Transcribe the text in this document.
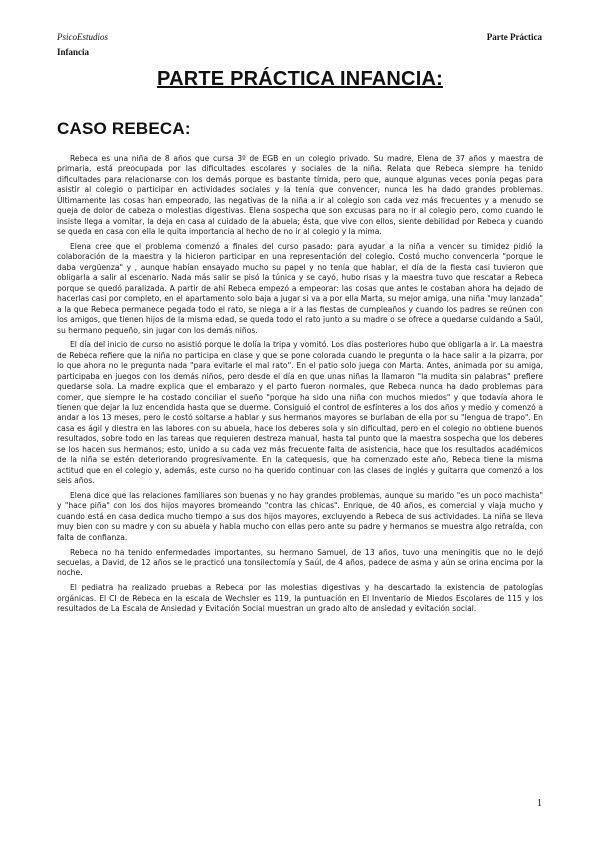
PsicoEstudios
Infancia
Parte Práctica
PARTE PRÁCTICA INFANCIA:
CASO REBECA:

Rebeca es una niña de 8 años que cursa 3º de EGB en un colegio privado. Su madre, Elena de 37 años y maestra de primaria, está preocupada por las dificultades escolares y sociales de la niña. Relata que Rebeca siempre ha tenido dificultades para relacionarse con los demás porque es bastante tímida, pero que, aunque algunas veces ponía pegas para asistir al colegio o participar en actividades sociales y la tenía que convencer, nunca les ha dado grandes problemas. Últimamente las cosas han empeorado, las negativas de la niña a ir al colegio son cada vez más frecuentes y a menudo se queja de dolor de cabeza o molestias digestivas. Elena sospecha que son excusas para no ir al colegio pero, como cuando le insiste llega a vomitar, la deja en casa al cuidado de la abuela; ésta, que vive con ellos, siente debilidad por Rebeca y cuando se queda en casa con ella le quita importancia al hecho de no ir al colegio y la mima.

Elena cree que el problema comenzó a finales del curso pasado: para ayudar a la niña a vencer su timidez pidió la colaboración de la maestra y la hicieron participar en una representación del colegio. Costó mucho convencerla "porque le daba vergüenza" y , aunque habían ensayado mucho su papel y no tenía que hablar, el día de la fiesta casi tuvieron que obligarla a salir al escenario. Nada más salir se pisó la túnica y se cayó, hubo risas y la maestra tuvo que rescatar a Rebeca porque se quedó paralizada. A partir de ahí Rebeca empezó a empeorar: las cosas que antes le costaban ahora ha dejado de hacerlas casi por completo, en el apartamento solo baja a jugar si va a por ella Marta, su mejor amiga, una niña "muy lanzada" a la que Rebeca permanece pegada todo el rato, se niega a ir a las fiestas de cumpleaños y cuando los padres se reúnen con los amigos, que tienen hijos de la misma edad, se queda todo el rato junto a su madre o se ofrece a quedarse cuidando a Saúl, su hermano pequeño, sin jugar con los demás niños.

El día del inicio de curso no asistió porque le dolía la tripa y vomitó. Los días posteriores hubo que obligarla a ir. La maestra de Rebeca refiere que la niña no participa en clase y que se pone colorada cuando le pregunta o la hace salir a la pizarra, por lo que ahora no le pregunta nada "para evitarle el mal rato". En el patio solo juega con Marta. Antes, animada por su amiga, participaba en juegos con los demás niños, pero desde el día en que unas niñas la llamaron "la mudita sin palabras" prefiere quedarse sola. La madre explica que el embarazo y el parto fueron normales, que Rebeca nunca ha dado problemas para comer, que siempre le ha costado conciliar el sueño "porque ha sido una niña con muchos miedos" y que todavía ahora le tienen que dejar la luz encendida hasta que se duerme. Consiguió el control de esfínteres a los dos años y medio y comenzó a andar a los 13 meses, pero le costó soltarse a hablar y sus hermanos mayores se burlaban de ella por su "lengua de trapo". En casa es ágil y diestra en las labores con su abuela, hace los deberes sola y sin dificultad, pero en el colegio no obtiene buenos resultados, sobre todo en las tareas que requieren destreza manual, hasta tal punto que la maestra sospecha que los deberes se los hacen sus hermanos; esto, unido a su cada vez más frecuente falta de asistencia, hace que los resultados académicos de la niña se estén deteriorando progresivamente. En la catequesis, que ha comenzado este año, Rebeca tiene la misma actitud que en el colegio y, además, este curso no ha querido continuar con las clases de inglés y guitarra que comenzó a los seis años.

Elena dice que las relaciones familiares son buenas y no hay grandes problemas, aunque su marido "es un poco machista" y "hace piña" con los dos hijos mayores bromeando "contra las chicas". Enrique, de 40 años, es comercial y viaja mucho y cuando está en casa dedica mucho tiempo a sus dos hijos mayores, excluyendo a Rebeca de sus actividades. La niña se lleva muy bien con su madre y con su abuela y habla mucho con ellas pero ante su padre y hermanos se muestra algo retraída, con falta de confianza.

Rebeca no ha tenido enfermedades importantes, su hermano Samuel, de 13 años, tuvo una meningitis que no le dejó secuelas, a David, de 12 años se le practicó una tonsilectomía y Saúl, de 4 años, padece de asma y aún se orina encima por la noche.

El pediatra ha realizado pruebas a Rebeca por las molestias digestivas y ha descartado la existencia de patologías orgánicas. El CI de Rebeca en la escala de Wechsler es 119, la puntuación en El Inventario de Miedos Escolares de 115 y los resultados de La Escala de Ansiedad y Evitación Social muestran un grado alto de ansiedad y evitación social.

1
